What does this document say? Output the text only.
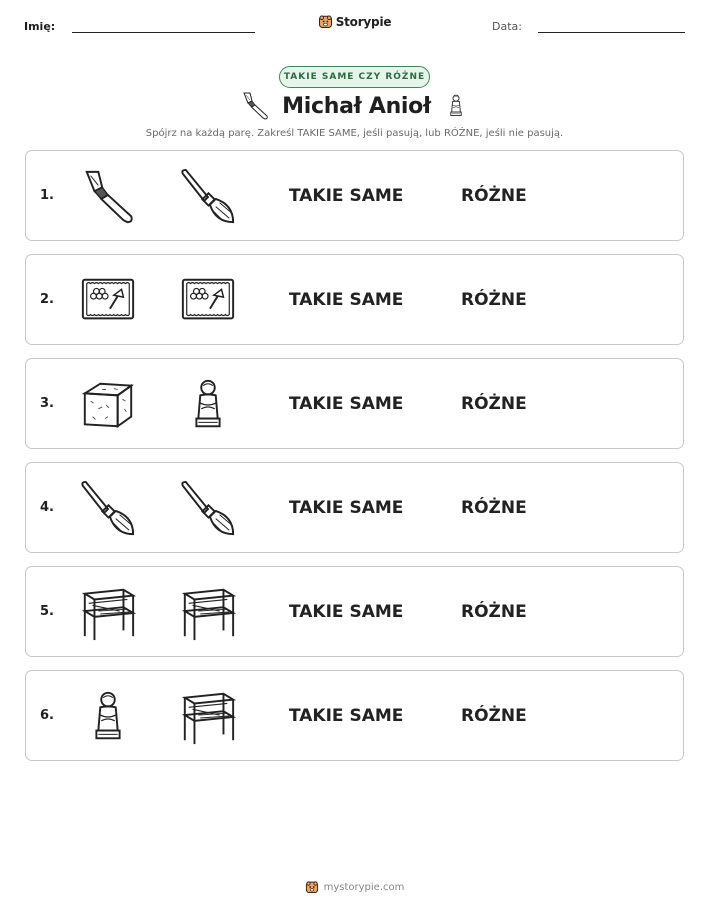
Imię:	Storypie	Data:
TAKIE SAME CZY RÓŻNE
Michał Anioł
Spójrz na każdą parę. Zakreśl TAKIE SAME, jeśli pasują, lub RÓŻNE, jeśli nie pasują.
1.	TAKIE SAME	RÓŻNE
2.	TAKIE SAME	RÓŻNE
3.	TAKIE SAME	RÓŻNE
4.	TAKIE SAME	RÓŻNE
5.	TAKIE SAME	RÓŻNE
6.	TAKIE SAME	RÓŻNE
mystorypie.com
